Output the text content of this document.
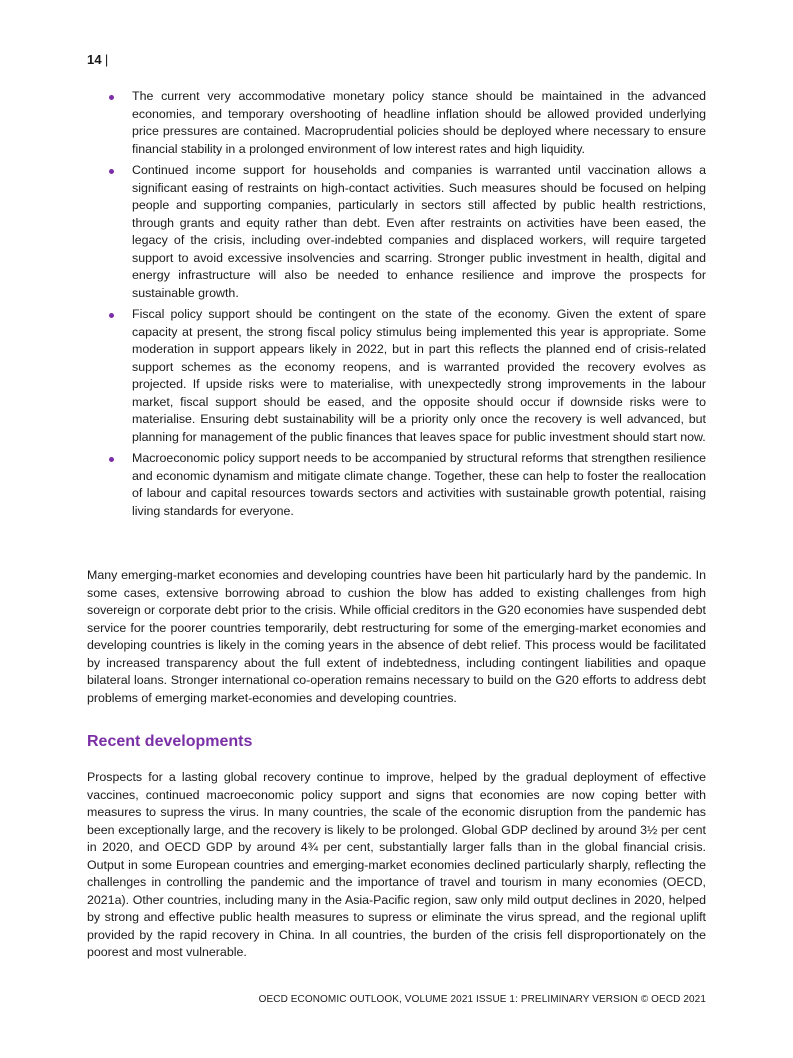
14 |
The current very accommodative monetary policy stance should be maintained in the advanced economies, and temporary overshooting of headline inflation should be allowed provided underlying price pressures are contained. Macroprudential policies should be deployed where necessary to ensure financial stability in a prolonged environment of low interest rates and high liquidity.
Continued income support for households and companies is warranted until vaccination allows a significant easing of restraints on high-contact activities. Such measures should be focused on helping people and supporting companies, particularly in sectors still affected by public health restrictions, through grants and equity rather than debt. Even after restraints on activities have been eased, the legacy of the crisis, including over-indebted companies and displaced workers, will require targeted support to avoid excessive insolvencies and scarring. Stronger public investment in health, digital and energy infrastructure will also be needed to enhance resilience and improve the prospects for sustainable growth.
Fiscal policy support should be contingent on the state of the economy. Given the extent of spare capacity at present, the strong fiscal policy stimulus being implemented this year is appropriate. Some moderation in support appears likely in 2022, but in part this reflects the planned end of crisis-related support schemes as the economy reopens, and is warranted provided the recovery evolves as projected. If upside risks were to materialise, with unexpectedly strong improvements in the labour market, fiscal support should be eased, and the opposite should occur if downside risks were to materialise. Ensuring debt sustainability will be a priority only once the recovery is well advanced, but planning for management of the public finances that leaves space for public investment should start now.
Macroeconomic policy support needs to be accompanied by structural reforms that strengthen resilience and economic dynamism and mitigate climate change. Together, these can help to foster the reallocation of labour and capital resources towards sectors and activities with sustainable growth potential, raising living standards for everyone.

Many emerging-market economies and developing countries have been hit particularly hard by the pandemic. In some cases, extensive borrowing abroad to cushion the blow has added to existing challenges from high sovereign or corporate debt prior to the crisis. While official creditors in the G20 economies have suspended debt service for the poorer countries temporarily, debt restructuring for some of the emerging-market economies and developing countries is likely in the coming years in the absence of debt relief. This process would be facilitated by increased transparency about the full extent of indebtedness, including contingent liabilities and opaque bilateral loans. Stronger international co-operation remains necessary to build on the G20 efforts to address debt problems of emerging market-economies and developing countries.

Recent developments

Prospects for a lasting global recovery continue to improve, helped by the gradual deployment of effective vaccines, continued macroeconomic policy support and signs that economies are now coping better with measures to supress the virus. In many countries, the scale of the economic disruption from the pandemic has been exceptionally large, and the recovery is likely to be prolonged. Global GDP declined by around 3½ per cent in 2020, and OECD GDP by around 4¾ per cent, substantially larger falls than in the global financial crisis. Output in some European countries and emerging-market economies declined particularly sharply, reflecting the challenges in controlling the pandemic and the importance of travel and tourism in many economies (OECD, 2021a). Other countries, including many in the Asia-Pacific region, saw only mild output declines in 2020, helped by strong and effective public health measures to supress or eliminate the virus spread, and the regional uplift provided by the rapid recovery in China. In all countries, the burden of the crisis fell disproportionately on the poorest and most vulnerable.

OECD ECONOMIC OUTLOOK, VOLUME 2021 ISSUE 1: PRELIMINARY VERSION © OECD 2021
